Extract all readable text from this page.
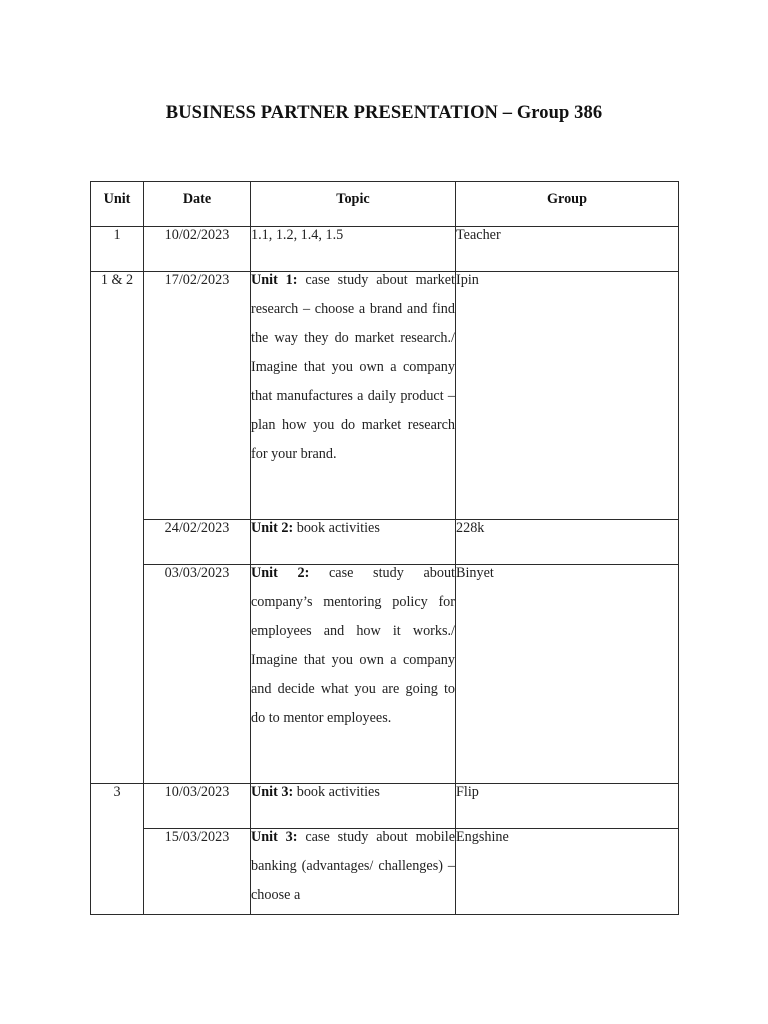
BUSINESS PARTNER PRESENTATION – Group 386
Unit	Date	Topic	Group
1	10/02/2023	1.1, 1.2, 1.4, 1.5	Teacher
1 & 2	17/02/2023	Unit 1: case study about market research – choose a brand and find the way they do market research./ Imagine that you own a company that manufactures a daily product – plan how you do market research for your brand.	Ipin
	24/02/2023	Unit 2: book activities	228k
	03/03/2023	Unit 2: case study about company’s mentoring policy for employees and how it works./ Imagine that you own a company and decide what you are going to do to mentor employees.	Binyet
3	10/03/2023	Unit 3: book activities	Flip
	15/03/2023	Unit 3: case study about mobile banking (advantages/ challenges) – choose a	Engshine
